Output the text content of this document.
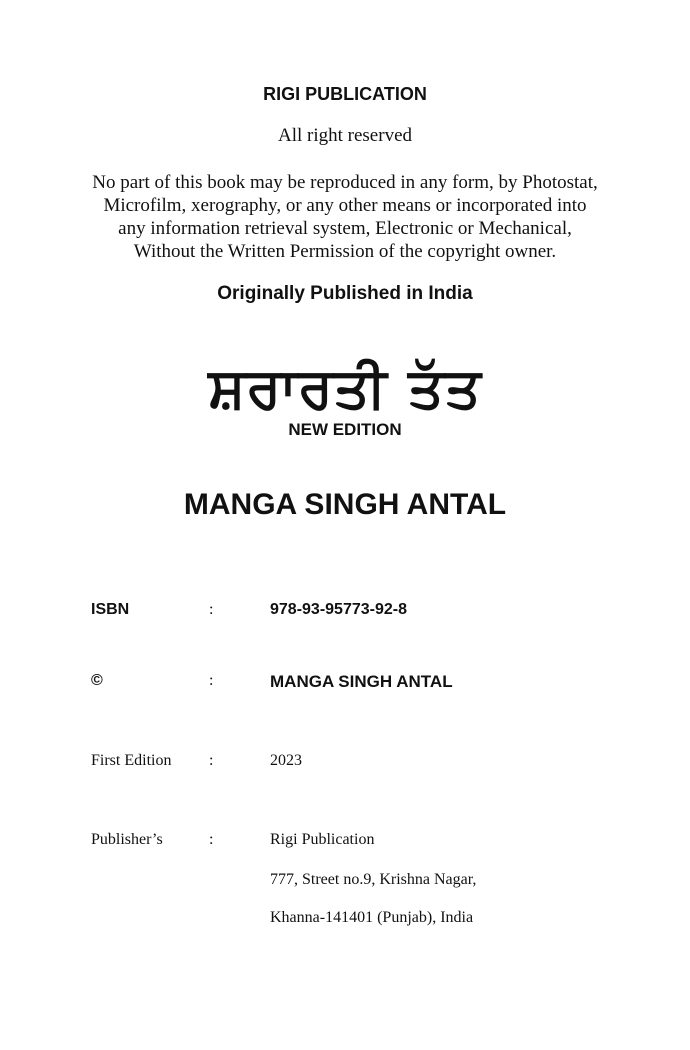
RIGI PUBLICATION
All right reserved
No part of this book may be reproduced in any form, by Photostat,
Microfilm, xerography, or any other means or incorporated into
any information retrieval system, Electronic or Mechanical,
Without the Written Permission of the copyright owner.
Originally Published in India
ਸ਼ਰਾਰਤੀ ਤੱਤ
NEW EDITION
MANGA SINGH ANTAL
ISBN	:	978-93-95773-92-8
©	:	MANGA SINGH ANTAL
First Edition :	2023
Publisher’s	:	Rigi Publication
777, Street no.9, Krishna Nagar,
Khanna-141401 (Punjab), India
